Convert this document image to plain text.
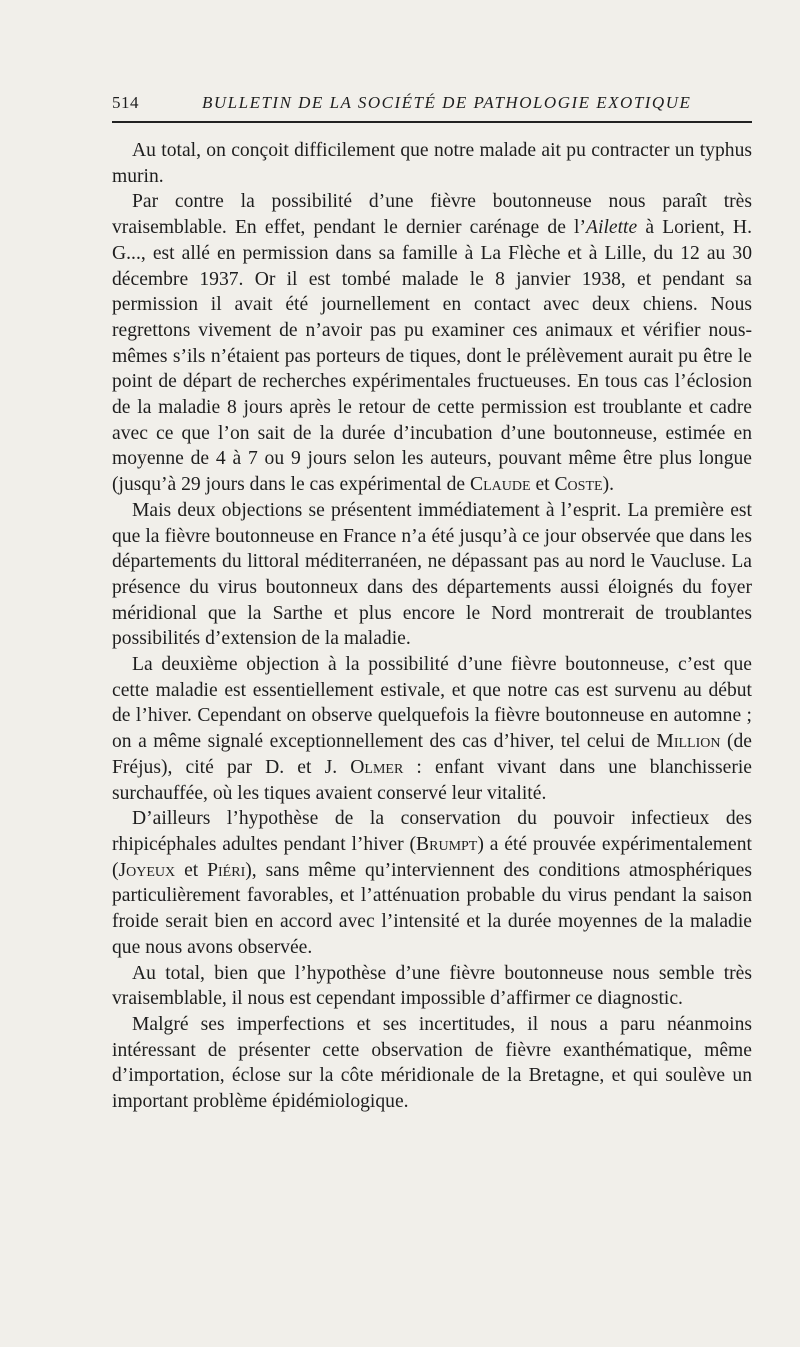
514	BULLETIN DE LA SOCIÉTÉ DE PATHOLOGIE EXOTIQUE

Au total, on conçoit difficilement que notre malade ait pu contracter un typhus murin.

Par contre la possibilité d’une fièvre boutonneuse nous paraît très vraisemblable. En effet, pendant le dernier carénage de l’Ailette à Lorient, H. G..., est allé en permission dans sa famille à La Flèche et à Lille, du 12 au 30 décembre 1937. Or il est tombé malade le 8 janvier 1938, et pendant sa permission il avait été journellement en contact avec deux chiens. Nous regrettons vivement de n’avoir pas pu examiner ces animaux et vérifier nous-mêmes s’ils n’étaient pas porteurs de tiques, dont le prélèvement aurait pu être le point de départ de recherches expérimentales fructueuses. En tous cas l’éclosion de la maladie 8 jours après le retour de cette permission est troublante et cadre avec ce que l’on sait de la durée d’incubation d’une boutonneuse, estimée en moyenne de 4 à 7 ou 9 jours selon les auteurs, pouvant même être plus longue (jusqu’à 29 jours dans le cas expérimental de Claude et Coste).

Mais deux objections se présentent immédiatement à l’esprit. La première est que la fièvre boutonneuse en France n’a été jusqu’à ce jour observée que dans les départements du littoral méditerranéen, ne dépassant pas au nord le Vaucluse. La présence du virus boutonneux dans des départements aussi éloignés du foyer méridional que la Sarthe et plus encore le Nord montrerait de troublantes possibilités d’extension de la maladie.

La deuxième objection à la possibilité d’une fièvre boutonneuse, c’est que cette maladie est essentiellement estivale, et que notre cas est survenu au début de l’hiver. Cependant on observe quelquefois la fièvre boutonneuse en automne ; on a même signalé exceptionnellement des cas d’hiver, tel celui de Million (de Fréjus), cité par D. et J. Olmer : enfant vivant dans une blanchisserie surchauffée, où les tiques avaient conservé leur vitalité.

D’ailleurs l’hypothèse de la conservation du pouvoir infectieux des rhipicéphales adultes pendant l’hiver (Brumpt) a été prouvée expérimentalement (Joyeux et Piéri), sans même qu’interviennent des conditions atmosphériques particulièrement favorables, et l’atténuation probable du virus pendant la saison froide serait bien en accord avec l’intensité et la durée moyennes de la maladie que nous avons observée.

Au total, bien que l’hypothèse d’une fièvre boutonneuse nous semble très vraisemblable, il nous est cependant impossible d’affirmer ce diagnostic.

Malgré ses imperfections et ses incertitudes, il nous a paru néanmoins intéressant de présenter cette observation de fièvre exanthématique, même d’importation, éclose sur la côte méridionale de la Bretagne, et qui soulève un important problème épidémiologique.
